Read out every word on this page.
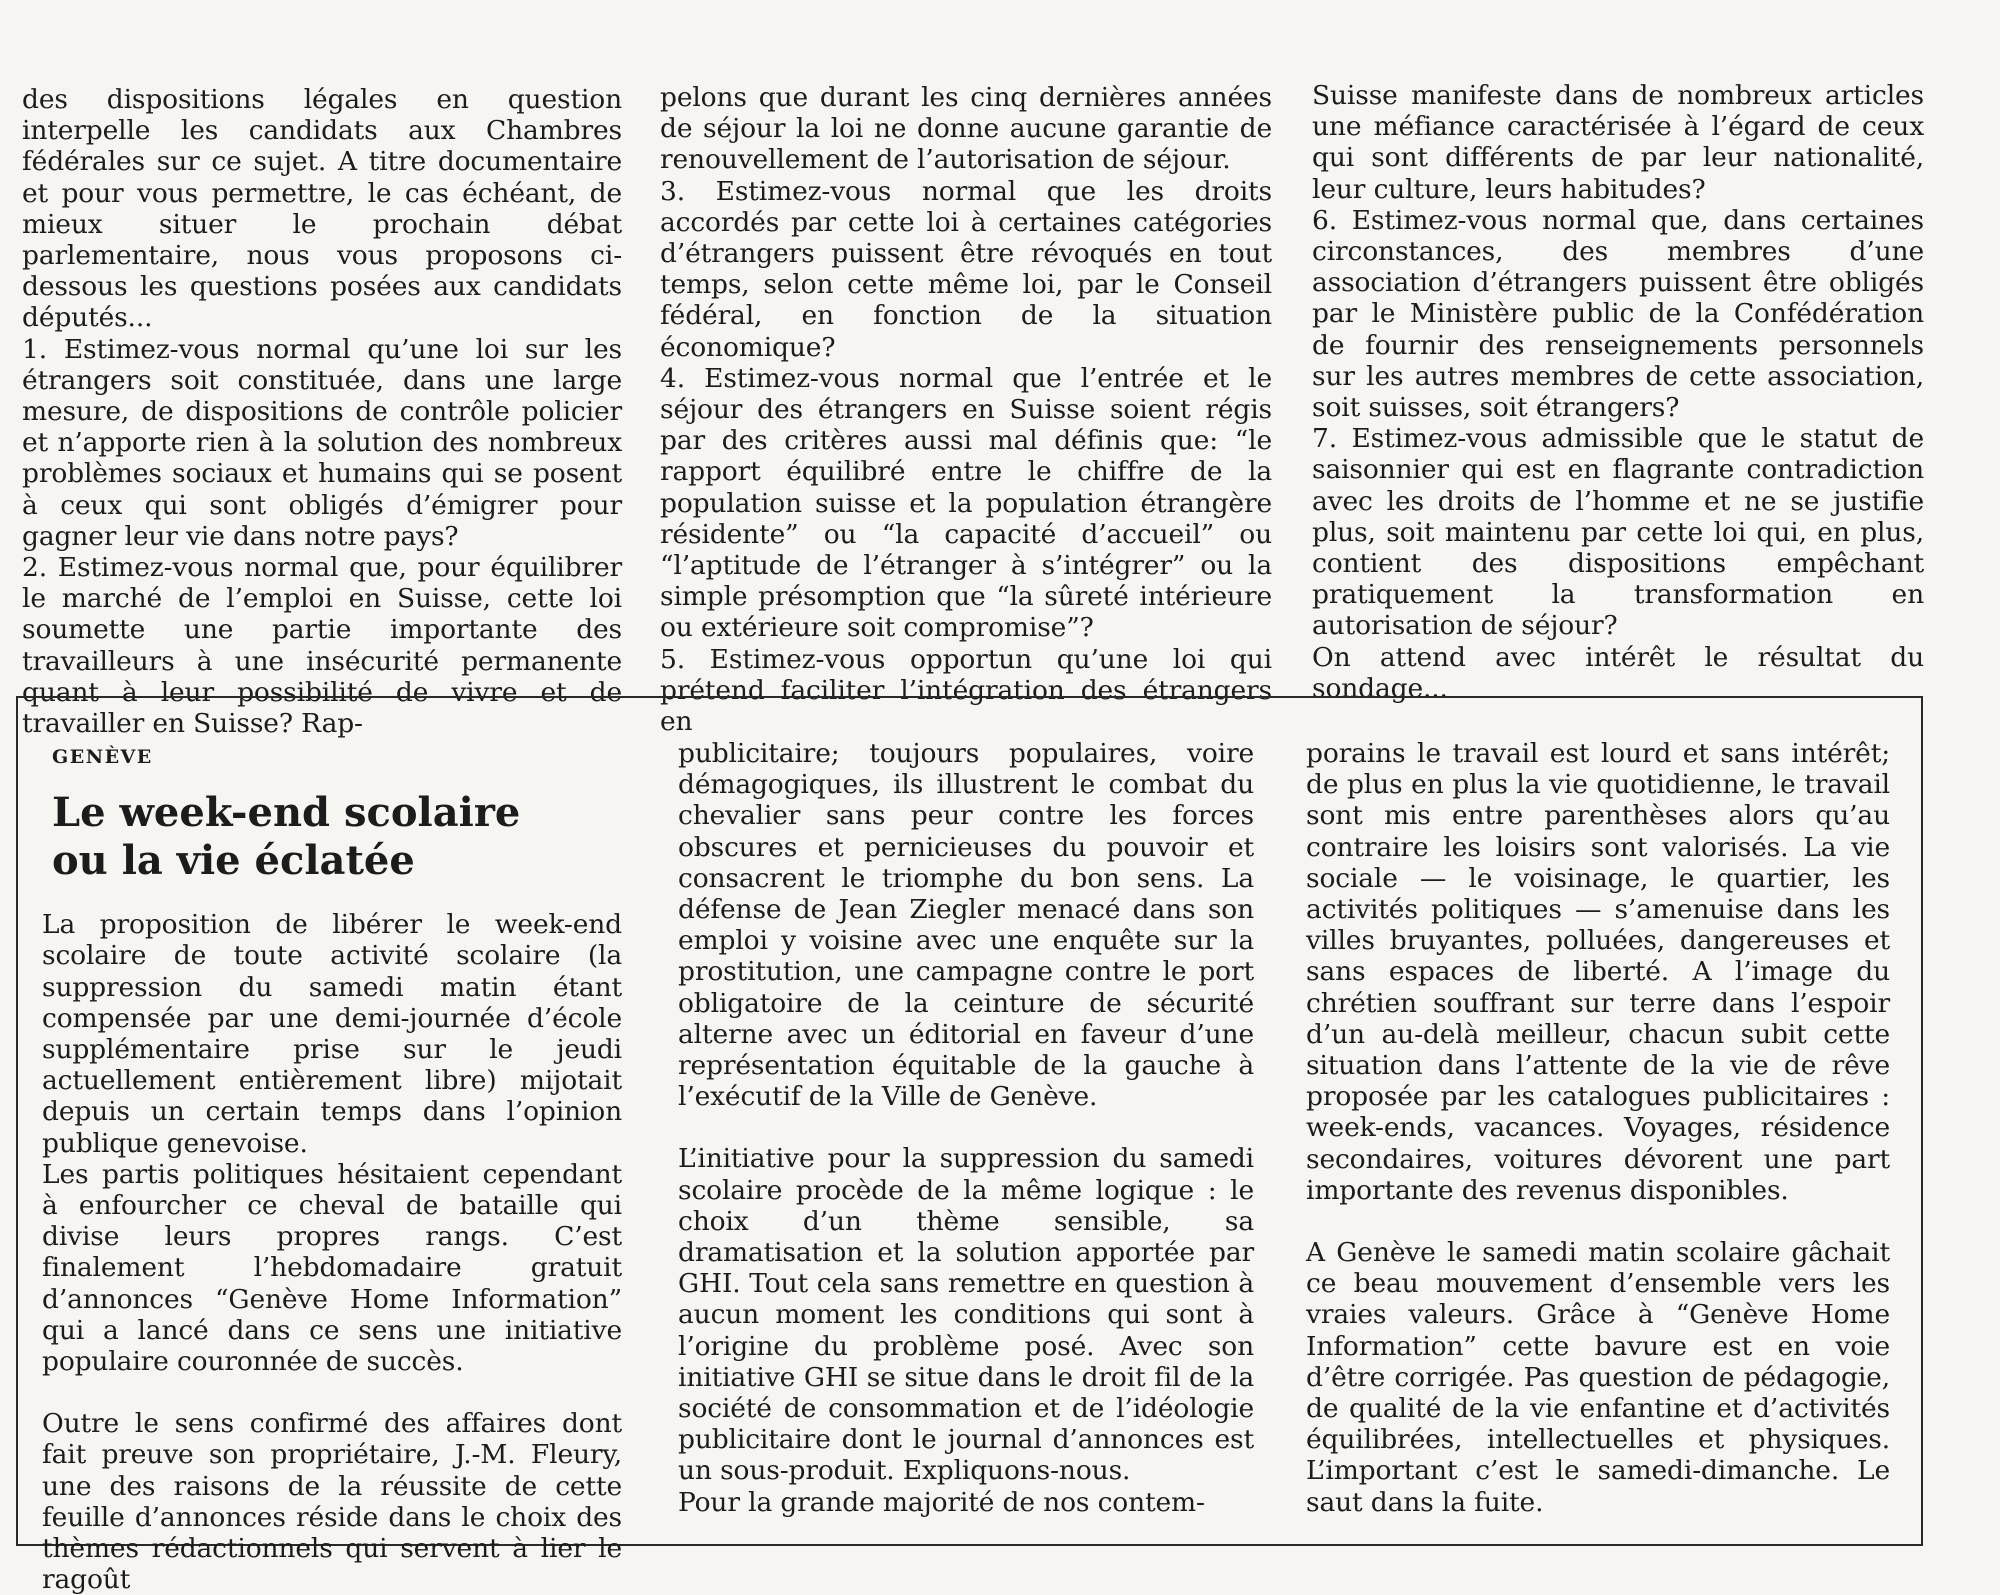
des dispositions légales en question interpelle les candidats aux Chambres fédérales sur ce sujet. A titre documentaire et pour vous permettre, le cas échéant, de mieux situer le prochain débat parlementaire, nous vous proposons ci-dessous les questions posées aux candidats députés...

1. Estimez-vous normal qu’une loi sur les étrangers soit constituée, dans une large mesure, de dispositions de contrôle policier et n’apporte rien à la solution des nombreux problèmes sociaux et humains qui se posent à ceux qui sont obligés d’émigrer pour gagner leur vie dans notre pays?

2. Estimez-vous normal que, pour équilibrer le marché de l’emploi en Suisse, cette loi soumette une partie importante des travailleurs à une insécurité permanente quant à leur possibilité de vivre et de travailler en Suisse? Rap-

pelons que durant les cinq dernières années de séjour la loi ne donne aucune garantie de renouvellement de l’autorisation de séjour.

3. Estimez-vous normal que les droits accordés par cette loi à certaines catégories d’étrangers puissent être révoqués en tout temps, selon cette même loi, par le Conseil fédéral, en fonction de la situation économique?

4. Estimez-vous normal que l’entrée et le séjour des étrangers en Suisse soient régis par des critères aussi mal définis que: “le rapport équilibré entre le chiffre de la population suisse et la population étrangère résidente” ou “la capacité d’accueil” ou “l’aptitude de l’étranger à s’intégrer” ou la simple présomption que “la sûreté intérieure ou extérieure soit compromise”?

5. Estimez-vous opportun qu’une loi qui prétend faciliter l’intégration des étrangers en

Suisse manifeste dans de nombreux articles une méfiance caractérisée à l’égard de ceux qui sont différents de par leur nationalité, leur culture, leurs habitudes?

6. Estimez-vous normal que, dans certaines circonstances, des membres d’une association d’étrangers puissent être obligés par le Ministère public de la Confédération de fournir des renseignements personnels sur les autres membres de cette association, soit suisses, soit étrangers?

7. Estimez-vous admissible que le statut de saisonnier qui est en flagrante contradiction avec les droits de l’homme et ne se justifie plus, soit maintenu par cette loi qui, en plus, contient des dispositions empêchant pratiquement la transformation en autorisation de séjour?

On attend avec intérêt le résultat du sondage...

GENÈVE
Le week-end scolaire
ou la vie éclatée

La proposition de libérer le week-end scolaire de toute activité scolaire (la suppression du samedi matin étant compensée par une demi-journée d’école supplémentaire prise sur le jeudi actuellement entièrement libre) mijotait depuis un certain temps dans l’opinion publique genevoise.

Les partis politiques hésitaient cependant à enfourcher ce cheval de bataille qui divise leurs propres rangs. C’est finalement l’hebdomadaire gratuit d’annonces “Genève Home Information” qui a lancé dans ce sens une initiative populaire couronnée de succès.

Outre le sens confirmé des affaires dont fait preuve son propriétaire, J.-M. Fleury, une des raisons de la réussite de cette feuille d’annonces réside dans le choix des thèmes rédactionnels qui servent à lier le ragoût

publicitaire; toujours populaires, voire démagogiques, ils illustrent le combat du chevalier sans peur contre les forces obscures et pernicieuses du pouvoir et consacrent le triomphe du bon sens. La défense de Jean Ziegler menacé dans son emploi y voisine avec une enquête sur la prostitution, une campagne contre le port obligatoire de la ceinture de sécurité alterne avec un éditorial en faveur d’une représentation équitable de la gauche à l’exécutif de la Ville de Genève.

L’initiative pour la suppression du samedi scolaire procède de la même logique : le choix d’un thème sensible, sa dramatisation et la solution apportée par GHI. Tout cela sans remettre en question à aucun moment les conditions qui sont à l’origine du problème posé. Avec son initiative GHI se situe dans le droit fil de la société de consommation et de l’idéologie publicitaire dont le journal d’annonces est un sous-produit. Expliquons-nous.

Pour la grande majorité de nos contem-

porains le travail est lourd et sans intérêt; de plus en plus la vie quotidienne, le travail sont mis entre parenthèses alors qu’au contraire les loisirs sont valorisés. La vie sociale — le voisinage, le quartier, les activités politiques — s’amenuise dans les villes bruyantes, polluées, dangereuses et sans espaces de liberté. A l’image du chrétien souffrant sur terre dans l’espoir d’un au-delà meilleur, chacun subit cette situation dans l’attente de la vie de rêve proposée par les catalogues publicitaires : week-ends, vacances. Voyages, résidence secondaires, voitures dévorent une part importante des revenus disponibles.

A Genève le samedi matin scolaire gâchait ce beau mouvement d’ensemble vers les vraies valeurs. Grâce à “Genève Home Information” cette bavure est en voie d’être corrigée. Pas question de pédagogie, de qualité de la vie enfantine et d’activités équilibrées, intellectuelles et physiques. L’important c’est le samedi-dimanche. Le saut dans la fuite.
